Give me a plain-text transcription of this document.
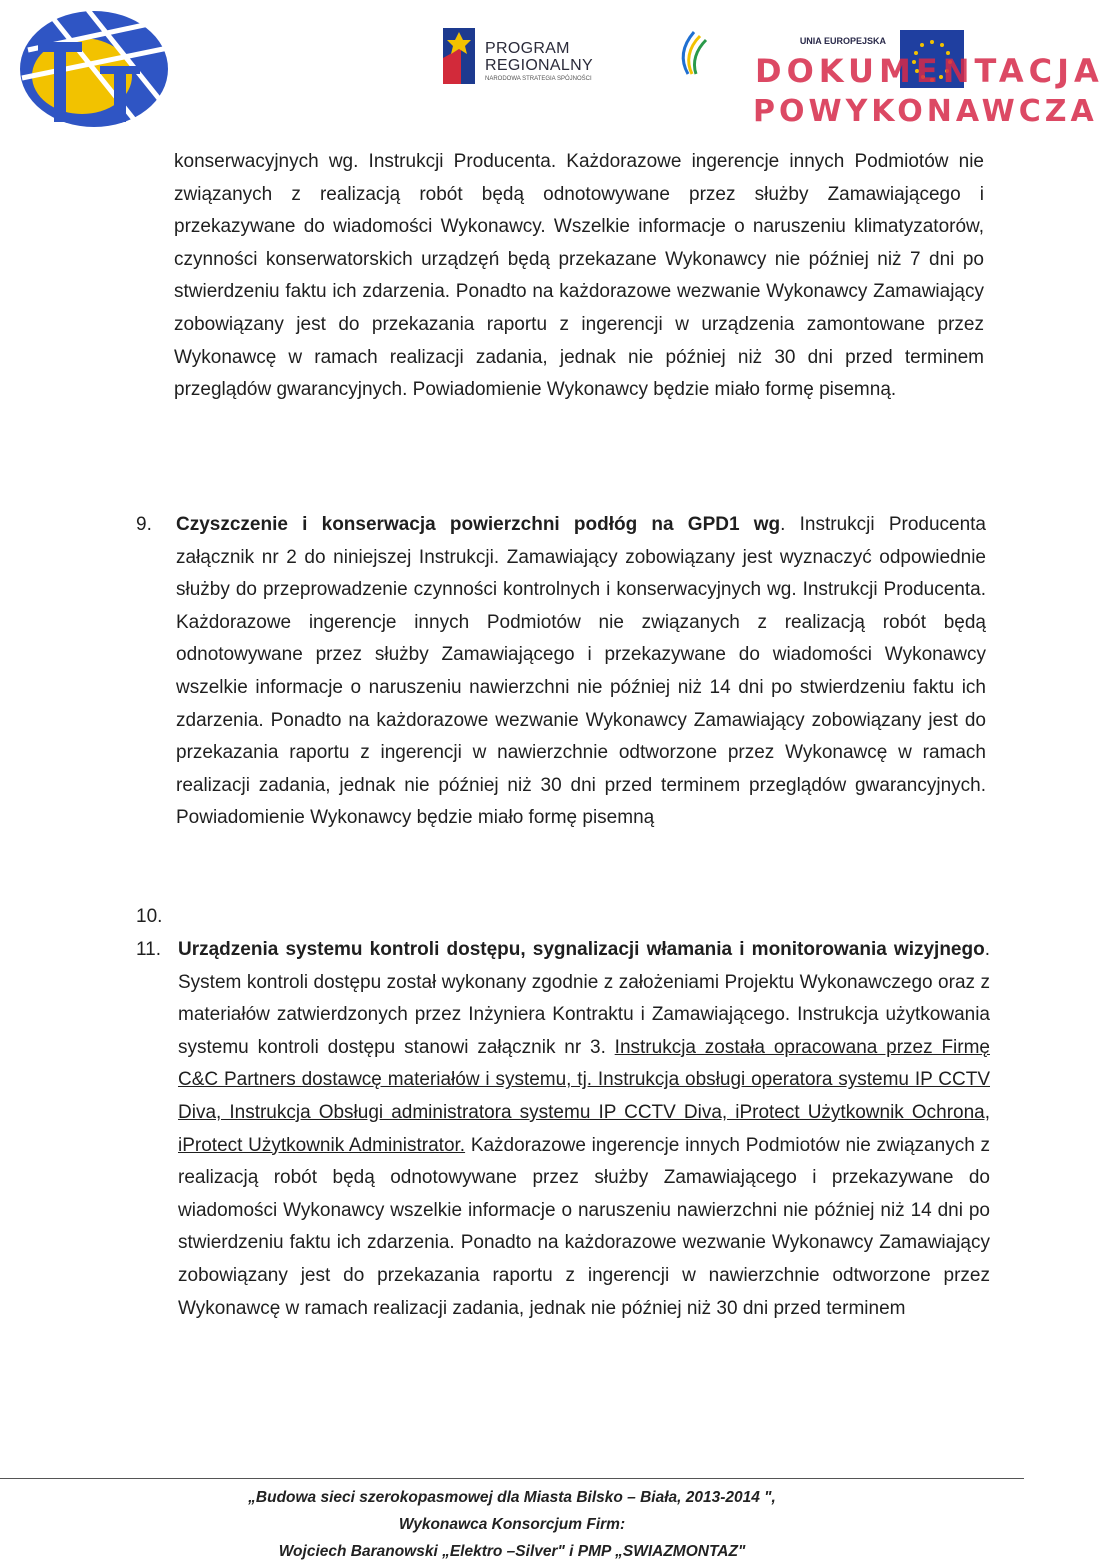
PROGRAM
REGIONALNY
NARODOWA STRATEGIA SPÓJNOŚCI
UNIA EUROPEJSKA
DOKUMENTACJA
POWYKONAWCZA
konserwacyjnych wg. Instrukcji Producenta. Każdorazowe ingerencje innych Podmiotów nie związanych z realizacją robót będą odnotowywane przez służby Zamawiającego i przekazywane do wiadomości Wykonawcy. Wszelkie informacje o naruszeniu klimatyzatorów, czynności konserwatorskich urządzęń będą przekazane Wykonawcy nie później niż 7 dni po stwierdzeniu faktu ich zdarzenia. Ponadto na każdorazowe wezwanie Wykonawcy Zamawiający zobowiązany jest do przekazania raportu z ingerencji w urządzenia zamontowane przez Wykonawcę w ramach realizacji zadania, jednak nie później niż 30 dni przed terminem przeglądów gwarancyjnych. Powiadomienie Wykonawcy będzie miało formę pisemną.
9. Czyszczenie i konserwacja powierzchni podłóg na GPD1 wg. Instrukcji Producenta załącznik nr 2 do niniejszej Instrukcji. Zamawiający zobowiązany jest wyznaczyć odpowiednie służby do przeprowadzenie czynności kontrolnych i konserwacyjnych wg. Instrukcji Producenta. Każdorazowe ingerencje innych Podmiotów nie związanych z realizacją robót będą odnotowywane przez służby Zamawiającego i przekazywane do wiadomości Wykonawcy wszelkie informacje o naruszeniu nawierzchni nie później niż 14 dni po stwierdzeniu faktu ich zdarzenia. Ponadto na każdorazowe wezwanie Wykonawcy Zamawiający zobowiązany jest do przekazania raportu z ingerencji w nawierzchnie odtworzone przez Wykonawcę w ramach realizacji zadania, jednak nie później niż 30 dni przed terminem przeglądów gwarancyjnych. Powiadomienie Wykonawcy będzie miało formę pisemną
10.
11. Urządzenia systemu kontroli dostępu, sygnalizacji włamania i monitorowania wizyjnego. System kontroli dostępu został wykonany zgodnie z założeniami Projektu Wykonawczego oraz z materiałów zatwierdzonych przez Inżyniera Kontraktu i Zamawiającego. Instrukcja użytkowania systemu kontroli dostępu stanowi załącznik nr 3. Instrukcja została opracowana przez Firmę C&C Partners dostawcę materiałów i systemu, tj. Instrukcja obsługi operatora systemu IP CCTV Diva, Instrukcja Obsługi administratora systemu IP CCTV Diva, iProtect Użytkownik Ochrona, iProtect Użytkownik Administrator. Każdorazowe ingerencje innych Podmiotów nie związanych z realizacją robót będą odnotowywane przez służby Zamawiającego i przekazywane do wiadomości Wykonawcy wszelkie informacje o naruszeniu nawierzchni nie później niż 14 dni po stwierdzeniu faktu ich zdarzenia. Ponadto na każdorazowe wezwanie Wykonawcy Zamawiający zobowiązany jest do przekazania raportu z ingerencji w nawierzchnie odtworzone przez Wykonawcę w ramach realizacji zadania, jednak nie później niż 30 dni przed terminem
„Budowa sieci szerokopasmowej dla Miasta Bilsko – Biała, 2013-2014 ",
Wykonawca Konsorcjum Firm:
Wojciech Baranowski „Elektro –Silver" i PMP „SWIAZMONTAZ"
